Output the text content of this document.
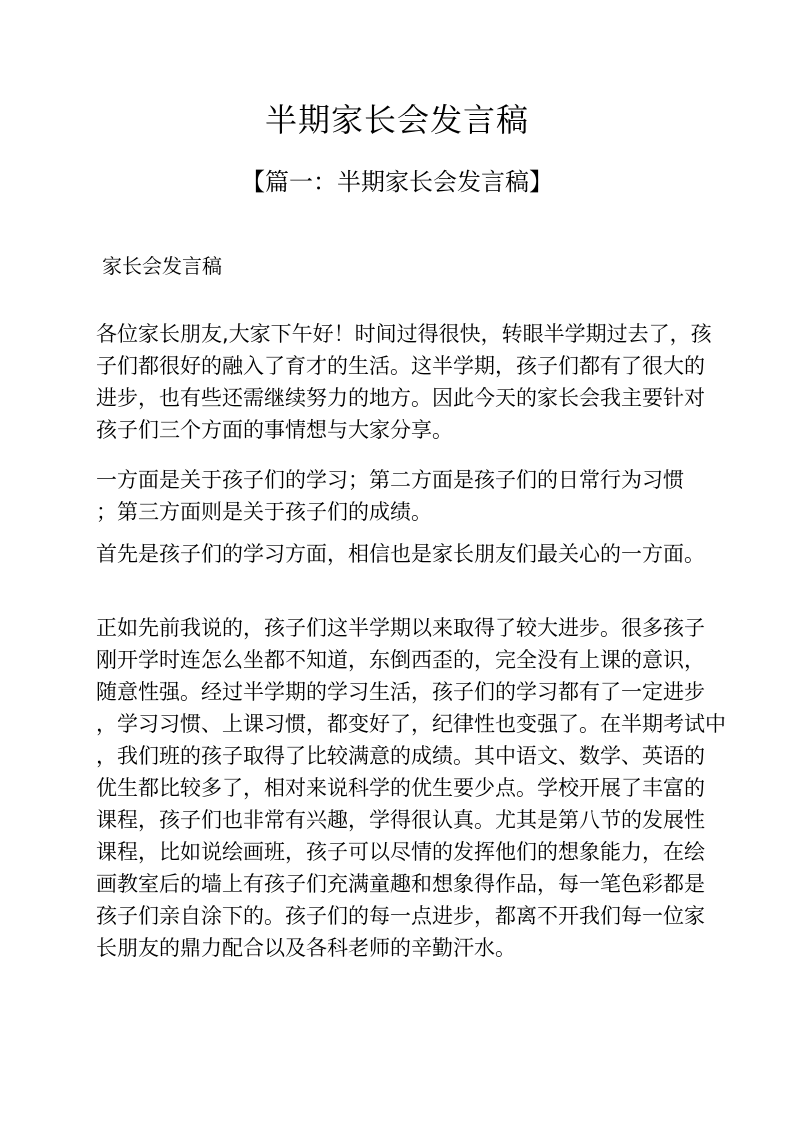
半期家长会发言稿
【篇一：半期家长会发言稿】
家长会发言稿

各位家长朋友,大家下午好！时间过得很快，转眼半学期过去了，孩
子们都很好的融入了育才的生活。这半学期，孩子们都有了很大的
进步，也有些还需继续努力的地方。因此今天的家长会我主要针对
孩子们三个方面的事情想与大家分享。

一方面是关于孩子们的学习；第二方面是孩子们的日常行为习惯
；第三方面则是关于孩子们的成绩。

首先是孩子们的学习方面，相信也是家长朋友们最关心的一方面。

正如先前我说的，孩子们这半学期以来取得了较大进步。很多孩子
刚开学时连怎么坐都不知道，东倒西歪的，完全没有上课的意识，
随意性强。经过半学期的学习生活，孩子们的学习都有了一定进步
，学习习惯、上课习惯，都变好了，纪律性也变强了。在半期考试中
，我们班的孩子取得了比较满意的成绩。其中语文、数学、英语的
优生都比较多了，相对来说科学的优生要少点。学校开展了丰富的
课程，孩子们也非常有兴趣，学得很认真。尤其是第八节的发展性
课程，比如说绘画班，孩子可以尽情的发挥他们的想象能力，在绘
画教室后的墙上有孩子们充满童趣和想象得作品，每一笔色彩都是
孩子们亲自涂下的。孩子们的每一点进步，都离不开我们每一位家
长朋友的鼎力配合以及各科老师的辛勤汗水。
